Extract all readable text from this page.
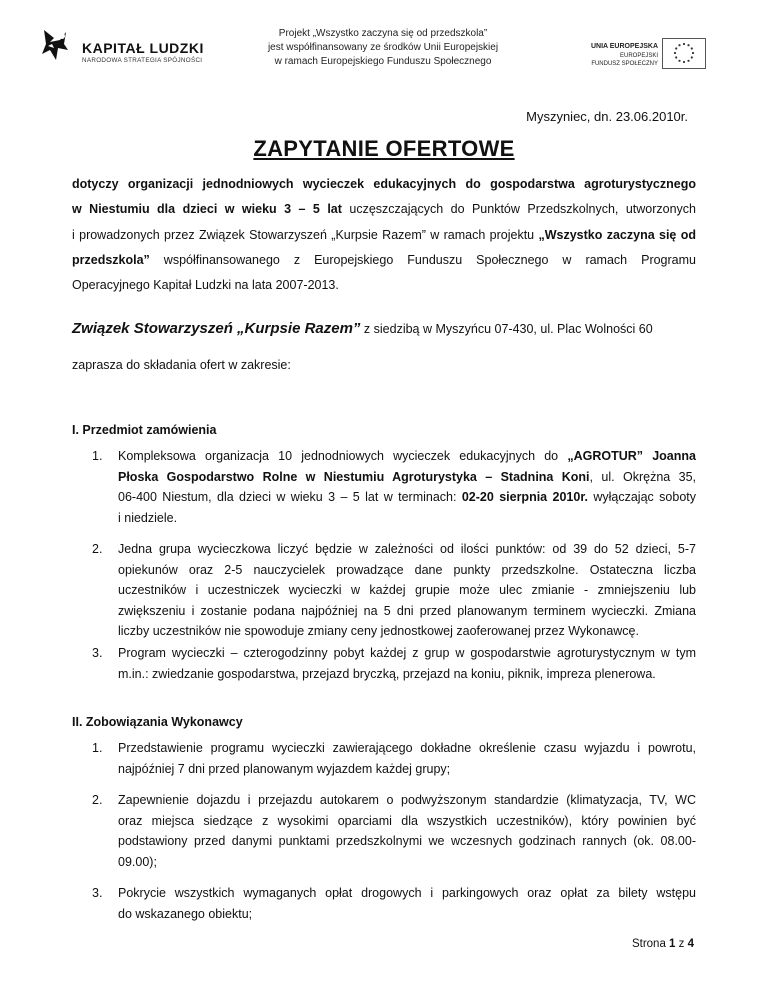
KAPITAŁ LUDZKI
NARODOWA STRATEGIA SPÓJNOŚCI
Projekt „Wszystko zaczyna się od przedszkola”
jest współfinansowany ze środków Unii Europejskiej
w ramach Europejskiego Funduszu Społecznego
UNIA EUROPEJSKA
EUROPEJSKI
FUNDUSZ SPOŁECZNY
Myszyniec, dn. 23.06.2010r.
ZAPYTANIE OFERTOWE
dotyczy organizacji jednodniowych wycieczek edukacyjnych do gospodarstwa agroturystycznego
w Niestumiu dla dzieci w wieku 3 – 5 lat uczęszczających do Punktów Przedszkolnych, utworzonych
i prowadzonych przez Związek Stowarzyszeń „Kurpsie Razem” w ramach projektu „Wszystko zaczyna się od
przedszkola” współfinansowanego z Europejskiego Funduszu Społecznego w ramach Programu
Operacyjnego Kapitał Ludzki na lata 2007-2013.
Związek Stowarzyszeń „Kurpsie Razem” z siedzibą w Myszyńcu 07-430, ul. Plac Wolności 60
zaprasza do składania ofert w zakresie:
I. Przedmiot zamówienia
1.	Kompleksowa organizacja 10 jednodniowych wycieczek edukacyjnych do „AGROTUR” Joanna
Płoska Gospodarstwo Rolne w Niestumiu Agroturystyka – Stadnina Koni, ul. Okrężna 35,
06-400 Niestum, dla dzieci w wieku 3 – 5 lat w terminach: 02-20 sierpnia 2010r. wyłączając soboty
i niedziele.
2.	Jedna grupa wycieczkowa liczyć będzie w zależności od ilości punktów: od 39 do 52 dzieci, 5-7
opiekunów oraz 2-5 nauczycielek prowadzące dane punkty przedszkolne. Ostateczna liczba
uczestników i uczestniczek wycieczki w każdej grupie może ulec zmianie - zmniejszeniu lub
zwiększeniu i zostanie podana najpóźniej na 5 dni przed planowanym terminem wycieczki. Zmiana
liczby uczestników nie spowoduje zmiany ceny jednostkowej zaoferowanej przez Wykonawcę.
3.	Program wycieczki – czterogodzinny pobyt każdej z grup w gospodarstwie agroturystycznym w tym
m.in.: zwiedzanie gospodarstwa, przejazd bryczką, przejazd na koniu, piknik, impreza plenerowa.
II. Zobowiązania Wykonawcy
1.	Przedstawienie programu wycieczki zawierającego dokładne określenie czasu wyjazdu i powrotu,
najpóźniej 7 dni przed planowanym wyjazdem każdej grupy;
2.	Zapewnienie dojazdu i przejazdu autokarem o podwyższonym standardzie (klimatyzacja, TV, WC
oraz miejsca siedzące z wysokimi oparciami dla wszystkich uczestników), który powinien być
podstawiony przed danymi punktami przedszkolnymi we wczesnych godzinach rannych (ok. 08.00-
09.00);
3.	Pokrycie wszystkich wymaganych opłat drogowych i parkingowych oraz opłat za bilety wstępu
do wskazanego obiektu;
Strona 1 z 4
